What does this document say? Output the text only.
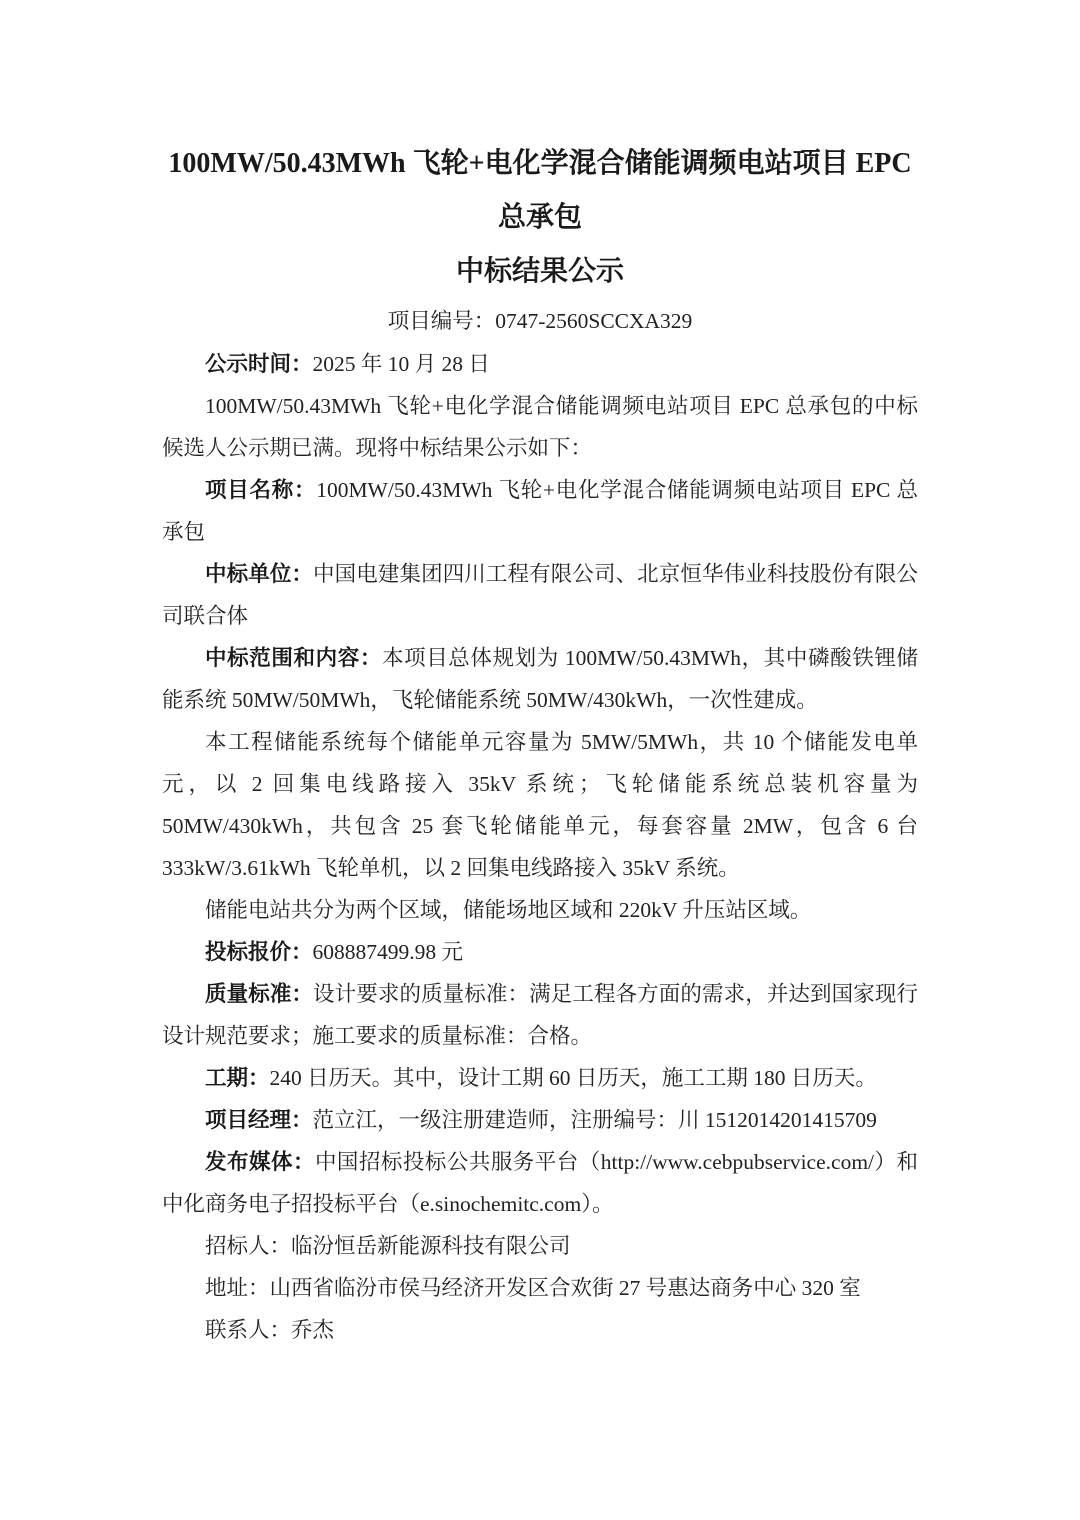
100MW/50.43MWh 飞轮+电化学混合储能调频电站项目 EPC 总承包
中标结果公示

项目编号：0747-2560SCCXA329

公示时间：2025 年 10 月 28 日

100MW/50.43MWh 飞轮+电化学混合储能调频电站项目 EPC 总承包的中标候选人公示期已满。现将中标结果公示如下：

项目名称：100MW/50.43MWh 飞轮+电化学混合储能调频电站项目 EPC 总承包

中标单位：中国电建集团四川工程有限公司、北京恒华伟业科技股份有限公司联合体

中标范围和内容：本项目总体规划为 100MW/50.43MWh，其中磷酸铁锂储能系统 50MW/50MWh，飞轮储能系统 50MW/430kWh，一次性建成。

本工程储能系统每个储能单元容量为 5MW/5MWh，共 10 个储能发电单元，以 2 回集电线路接入 35kV 系统；飞轮储能系统总装机容量为 50MW/430kWh，共包含 25 套飞轮储能单元，每套容量 2MW，包含 6 台 333kW/3.61kWh 飞轮单机，以 2 回集电线路接入 35kV 系统。

储能电站共分为两个区域，储能场地区域和 220kV 升压站区域。

投标报价：608887499.98 元

质量标准：设计要求的质量标准：满足工程各方面的需求，并达到国家现行设计规范要求；施工要求的质量标准：合格。

工期：240 日历天。其中，设计工期 60 日历天，施工工期 180 日历天。

项目经理：范立江，一级注册建造师，注册编号：川 1512014201415709

发布媒体：中国招标投标公共服务平台（http://www.cebpubservice.com/）和中化商务电子招投标平台（e.sinochemitc.com）。

招标人：临汾恒岳新能源科技有限公司

地址：山西省临汾市侯马经济开发区合欢街 27 号惠达商务中心 320 室

联系人：乔杰
